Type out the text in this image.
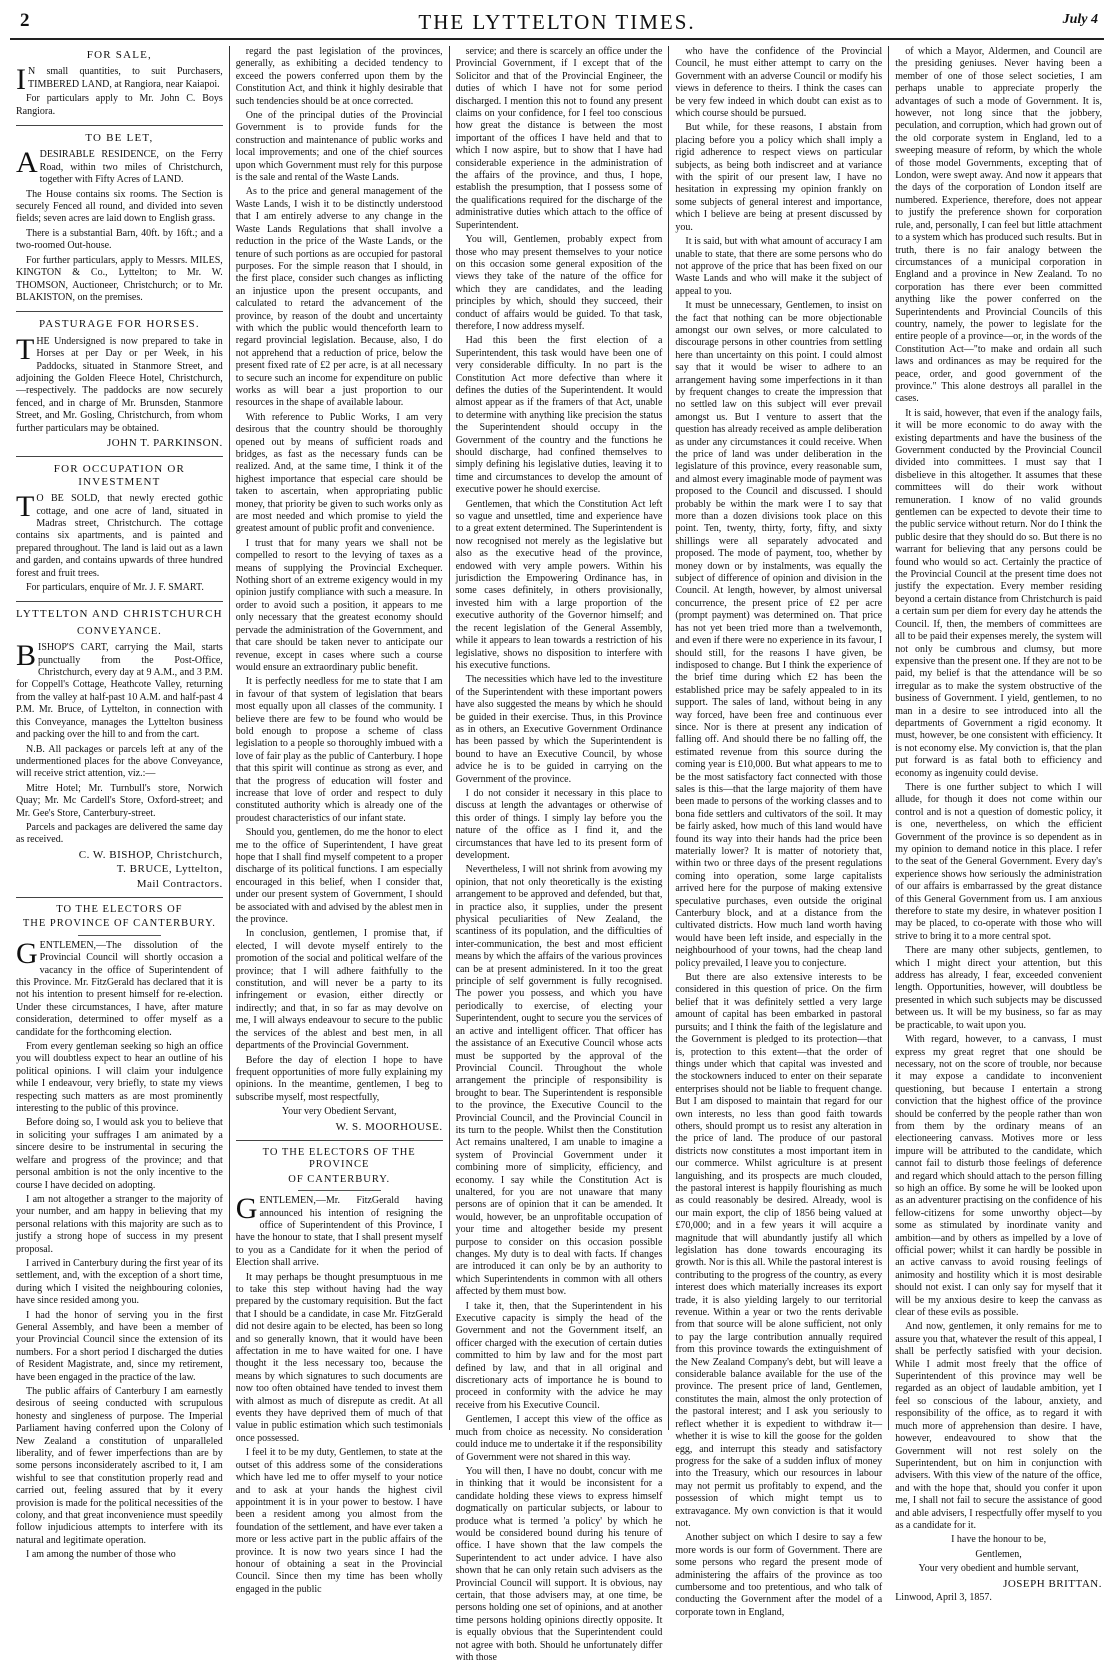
2	THE LYTTELTON TIMES.	July 4
FOR SALE,

IN small quantities, to suit Purchasers, TIMBERED LAND, at Rangiora, near Kaiapoi.

For particulars apply to Mr. John C. Boys Rangiora.

TO BE LET,

ADESIRABLE RESIDENCE, on the Ferry Road, within two miles of Christchurch, together with Fifty Acres of LAND.

The House contains six rooms. The Section is securely Fenced all round, and divided into seven fields; seven acres are laid down to English grass.

There is a substantial Barn, 40ft. by 16ft.; and a two-roomed Out-house.

For further particulars, apply to Messrs. MILES, KINGTON & Co., Lyttelton; to Mr. W. THOMSON, Auctioneer, Christchurch; or to Mr. BLAKISTON, on the premises.

PASTURAGE FOR HORSES.

THE Undersigned is now prepared to take in Horses at per Day or per Week, in his Paddocks, situated in Stanmore Street, and adjoining the Golden Fleece Hotel, Christchurch,—respectively. The paddocks are now securely fenced, and in charge of Mr. Brunsden, Stanmore Street, and Mr. Gosling, Christchurch, from whom further particulars may be obtained.

JOHN T. PARKINSON.

FOR OCCUPATION OR INVESTMENT

TO BE SOLD, that newly erected gothic cottage, and one acre of land, situated in Madras street, Christchurch. The cottage contains six apartments, and is painted and prepared throughout. The land is laid out as a lawn and garden, and contains upwards of three hundred forest and fruit trees.

For particulars, enquire of Mr. J. F. SMART.

LYTTELTON AND CHRISTCHURCH
CONVEYANCE.

BISHOP'S CART, carrying the Mail, starts punctually from the Post-Office, Christchurch, every day at 9 A.M., and 3 P.M. for Coppell's Cottage, Heathcote Valley, returning from the valley at half-past 10 A.M. and half-past 4 P.M. Mr. Bruce, of Lyttelton, in connection with this Conveyance, manages the Lyttelton business and packing over the hill to and from the cart.

N.B. All packages or parcels left at any of the undermentioned places for the above Conveyance, will receive strict attention, viz.:—

Mitre Hotel; Mr. Turnbull's store, Norwich Quay; Mr. Mc Cardell's Store, Oxford-street; and Mr. Gee's Store, Canterbury-street.

Parcels and packages are delivered the same day as received.

C. W. BISHOP, Christchurch,

T. BRUCE, Lyttelton,

Mail Contractors.

TO THE ELECTORS OF
THE PROVINCE OF CANTERBURY.

GENTLEMEN,—The dissolution of the Provincial Council will shortly occasion a vacancy in the office of Superintendent of this Province. Mr. FitzGerald has declared that it is not his intention to present himself for re-election. Under these circumstances, I have, after mature consideration, determined to offer myself as a candidate for the forthcoming election.

From every gentleman seeking so high an office you will doubtless expect to hear an outline of his political opinions. I will claim your indulgence while I endeavour, very briefly, to state my views respecting such matters as are most prominently interesting to the public of this province.

Before doing so, I would ask you to believe that in soliciting your suffrages I am animated by a sincere desire to be instrumental in securing the welfare and progress of the province; and that personal ambition is not the only incentive to the course I have decided on adopting.

I am not altogether a stranger to the majority of your number, and am happy in believing that my personal relations with this majority are such as to justify a strong hope of success in my present proposal.

I arrived in Canterbury during the first year of its settlement, and, with the exception of a short time, during which I visited the neighbouring colonies, have since resided among you.

I had the honor of serving you in the first General Assembly, and have been a member of your Provincial Council since the extension of its numbers. For a short period I discharged the duties of Resident Magistrate, and, since my retirement, have been engaged in the practice of the law.

The public affairs of Canterbury I am earnestly desirous of seeing conducted with scrupulous honesty and singleness of purpose. The Imperial Parliament having conferred upon the Colony of New Zealand a constitution of unparalleled liberality, and of fewer imperfections than are by some persons inconsiderately ascribed to it, I am wishful to see that constitution properly read and carried out, feeling assured that by it every provision is made for the political necessities of the colony, and that great inconvenience must speedily follow injudicious attempts to interfere with its natural and legitimate operation.

I am among the number of those who

regard the past legislation of the provinces, generally, as exhibiting a decided tendency to exceed the powers conferred upon them by the Constitution Act, and think it highly desirable that such tendencies should be at once corrected.

One of the principal duties of the Provincial Government is to provide funds for the construction and maintenance of public works and local improvements; and one of the chief sources upon which Government must rely for this purpose is the sale and rental of the Waste Lands.

As to the price and general management of the Waste Lands, I wish it to be distinctly understood that I am entirely adverse to any change in the Waste Lands Regulations that shall involve a reduction in the price of the Waste Lands, or the tenure of such portions as are occupied for pastoral purposes. For the simple reason that I should, in the first place, consider such changes as inflicting an injustice upon the present occupants, and calculated to retard the advancement of the province, by reason of the doubt and uncertainty with which the public would thenceforth learn to regard provincial legislation. Because, also, I do not apprehend that a reduction of price, below the present fixed rate of £2 per acre, is at all necessary to secure such an income for expenditure on public works as will bear a just proportion to our resources in the shape of available labour.

With reference to Public Works, I am very desirous that the country should be thoroughly opened out by means of sufficient roads and bridges, as fast as the necessary funds can be realized. And, at the same time, I think it of the highest importance that especial care should be taken to ascertain, when appropriating public money, that priority be given to such works only as are most needed and which promise to yield the greatest amount of public profit and convenience.

I trust that for many years we shall not be compelled to resort to the levying of taxes as a means of supplying the Provincial Exchequer. Nothing short of an extreme exigency would in my opinion justify compliance with such a measure. In order to avoid such a position, it appears to me only necessary that the greatest economy should pervade the administration of the Government, and that care should be taken never to anticipate our revenue, except in cases where such a course would ensure an extraordinary public benefit.

It is perfectly needless for me to state that I am in favour of that system of legislation that bears most equally upon all classes of the community. I believe there are few to be found who would be bold enough to propose a scheme of class legislation to a people so thoroughly imbued with a love of fair play as the public of Canterbury. I hope that this spirit will continue as strong as ever, and that the progress of education will foster and increase that love of order and respect to duly constituted authority which is already one of the proudest characteristics of our infant state.

Should you, gentlemen, do me the honor to elect me to the office of Superintendent, I have great hope that I shall find myself competent to a proper discharge of its political functions. I am especially encouraged in this belief, when I consider that, under our present system of Government, I should be associated with and advised by the ablest men in the province.

In conclusion, gentlemen, I promise that, if elected, I will devote myself entirely to the promotion of the social and political welfare of the province; that I will adhere faithfully to the constitution, and will never be a party to its infringement or evasion, either directly or indirectly; and that, in so far as may devolve on me, I will always endeavour to secure to the public the services of the ablest and best men, in all departments of the Provincial Government.

Before the day of election I hope to have frequent opportunities of more fully explaining my opinions. In the meantime, gentlemen, I beg to subscribe myself, most respectfully,

Your very Obedient Servant,

W. S. MOORHOUSE.

TO THE ELECTORS OF THE PROVINCE
OF CANTERBURY.

GENTLEMEN,—Mr. FitzGerald having announced his intention of resigning the office of Superintendent of this Province, I have the honour to state, that I shall present myself to you as a Candidate for it when the period of Election shall arrive.

It may perhaps be thought presumptuous in me to take this step without having had the way prepared by the customary requisition. But the fact that I should be a candidate, in case Mr. FitzGerald did not desire again to be elected, has been so long and so generally known, that it would have been affectation in me to have waited for one. I have thought it the less necessary too, because the means by which signatures to such documents are now too often obtained have tended to invest them with almost as much of disrepute as credit. At all events they have deprived them of much of that value in public estimation which such testimonials once possessed.

I feel it to be my duty, Gentlemen, to state at the outset of this address some of the considerations which have led me to offer myself to your notice and to ask at your hands the highest civil appointment it is in your power to bestow. I have been a resident among you almost from the foundation of the settlement, and have ever taken a more or less active part in the public affairs of the province. It is now two years since I had the honour of obtaining a seat in the Provincial Council. Since then my time has been wholly engaged in the public

service; and there is scarcely an office under the Provincial Government, if I except that of the Solicitor and that of the Provincial Engineer, the duties of which I have not for some period discharged. I mention this not to found any present claims on your confidence, for I feel too conscious how great the distance is between the most important of the offices I have held and that to which I now aspire, but to show that I have had considerable experience in the administration of the affairs of the province, and thus, I hope, establish the presumption, that I possess some of the qualifications required for the discharge of the administrative duties which attach to the office of Superintendent.

You will, Gentlemen, probably expect from those who may present themselves to your notice on this occasion some general exposition of the views they take of the nature of the office for which they are candidates, and the leading principles by which, should they succeed, their conduct of affairs would be guided. To that task, therefore, I now address myself.

Had this been the first election of a Superintendent, this task would have been one of very considerable difficulty. In no part is the Constitution Act more defective than where it defines the duties of the Superintendent. It would almost appear as if the framers of that Act, unable to determine with anything like precision the status the Superintendent should occupy in the Government of the country and the functions he should discharge, had confined themselves to simply defining his legislative duties, leaving it to time and circumstances to develop the amount of executive power he should exercise.

Gentlemen, that which the Constitution Act left so vague and unsettled, time and experience have to a great extent determined. The Superintendent is now recognised not merely as the legislative but also as the executive head of the province, endowed with very ample powers. Within his jurisdiction the Empowering Ordinance has, in some cases definitely, in others provisionally, invested him with a large proportion of the executive authority of the Governor himself; and the recent legislation of the General Assembly, while it appears to lean towards a restriction of his legislative, shows no disposition to interfere with his executive functions.

The necessities which have led to the investiture of the Superintendent with these important powers have also suggested the means by which he should be guided in their exercise. Thus, in this Province as in others, an Executive Government Ordinance has been passed by which the Superintendent is bound to have an Executive Council, by whose advice he is to be guided in carrying on the Government of the province.

I do not consider it necessary in this place to discuss at length the advantages or otherwise of this order of things. I simply lay before you the nature of the office as I find it, and the circumstances that have led to its present form of development.

Nevertheless, I will not shrink from avowing my opinion, that not only theoretically is the existing arrangement to be approved and defended, but that, in practice also, it supplies, under the present physical peculiarities of New Zealand, the scantiness of its population, and the difficulties of inter-communication, the best and most efficient means by which the affairs of the various provinces can be at present administered. In it too the great principle of self government is fully recognised. The power you possess, and which you have periodically to exercise, of electing your Superintendent, ought to secure you the services of an active and intelligent officer. That officer has the assistance of an Executive Council whose acts must be supported by the approval of the Provincial Council. Throughout the whole arrangement the principle of responsibility is brought to bear. The Superintendent is responsible to the province, the Executive Council to the Provincial Council, and the Provincial Council in its turn to the people. Whilst then the Constitution Act remains unaltered, I am unable to imagine a system of Provincial Government under it combining more of simplicity, efficiency, and economy. I say while the Constitution Act is unaltered, for you are not unaware that many persons are of opinion that it can be amended. It would, however, be an unprofitable occupation of your time and altogether beside my present purpose to consider on this occasion possible changes. My duty is to deal with facts. If changes are introduced it can only be by an authority to which Superintendents in common with all others affected by them must bow.

I take it, then, that the Superintendent in his Executive capacity is simply the head of the Government and not the Government itself, an officer charged with the execution of certain duties committed to him by law and for the most part defined by law, and that in all original and discretionary acts of importance he is bound to proceed in conformity with the advice he may receive from his Executive Council.

Gentlemen, I accept this view of the office as much from choice as necessity. No consideration could induce me to undertake it if the responsibility of Government were not shared in this way.

You will then, I have no doubt, concur with me in thinking that it would be inconsistent for a candidate holding these views to express himself dogmatically on particular subjects, or labour to produce what is termed 'a policy' by which he would be considered bound during his tenure of office. I have shown that the law compels the Superintendent to act under advice. I have also shown that he can only retain such advisers as the Provincial Council will support. It is obvious, nay certain, that those advisers may, at one time, be persons holding one set of opinions, and at another time persons holding opinions directly opposite. It is equally obvious that the Superintendent could not agree with both. Should he unfortunately differ with those

who have the confidence of the Provincial Council, he must either attempt to carry on the Government with an adverse Council or modify his views in deference to theirs. I think the cases can be very few indeed in which doubt can exist as to which course should be pursued.

But while, for these reasons, I abstain from placing before you a policy which shall imply a rigid adherence to respect views on particular subjects, as being both indiscreet and at variance with the spirit of our present law, I have no hesitation in expressing my opinion frankly on some subjects of general interest and importance, which I believe are being at present discussed by you.

It is said, but with what amount of accuracy I am unable to state, that there are some persons who do not approve of the price that has been fixed on our Waste Lands and who will make it the subject of appeal to you.

It must be unnecessary, Gentlemen, to insist on the fact that nothing can be more objectionable amongst our own selves, or more calculated to discourage persons in other countries from settling here than uncertainty on this point. I could almost say that it would be wiser to adhere to an arrangement having some imperfections in it than by frequent changes to create the impression that no settled law on this subject will ever prevail amongst us. But I venture to assert that the question has already received as ample deliberation as under any circumstances it could receive. When the price of land was under deliberation in the legislature of this province, every reasonable sum, and almost every imaginable mode of payment was proposed to the Council and discussed. I should probably be within the mark were I to say that more than a dozen divisions took place on this point. Ten, twenty, thirty, forty, fifty, and sixty shillings were all separately advocated and proposed. The mode of payment, too, whether by money down or by instalments, was equally the subject of difference of opinion and division in the Council. At length, however, by almost universal concurrence, the present price of £2 per acre (prompt payment) was determined on. That price has not yet been tried more than a twelvemonth, and even if there were no experience in its favour, I should still, for the reasons I have given, be indisposed to change. But I think the experience of the brief time during which £2 has been the established price may be safely appealed to in its support. The sales of land, without being in any way forced, have been free and continuous ever since. Nor is there at present any indication of falling off. And should there be no falling off, the estimated revenue from this source during the coming year is £10,000. But what appears to me to be the most satisfactory fact connected with those sales is this—that the large majority of them have been made to persons of the working classes and to bona fide settlers and cultivators of the soil. It may be fairly asked, how much of this land would have found its way into their hands had the price been materially lower? It is matter of notoriety that, within two or three days of the present regulations coming into operation, some large capitalists arrived here for the purpose of making extensive speculative purchases, even outside the original Canterbury block, and at a distance from the cultivated districts. How much land worth having would have been left inside, and especially in the neighbourhood of your towns, had the cheap land policy prevailed, I leave you to conjecture.

But there are also extensive interests to be considered in this question of price. On the firm belief that it was definitely settled a very large amount of capital has been embarked in pastoral pursuits; and I think the faith of the legislature and the Government is pledged to its protection—that is, protection to this extent—that the order of things under which that capital was invested and the stockowners induced to enter on their separate enterprises should not be liable to frequent change. But I am disposed to maintain that regard for our own interests, no less than good faith towards others, should prompt us to resist any alteration in the price of land. The produce of our pastoral districts now constitutes a most important item in our commerce. Whilst agriculture is at present languishing, and its prospects are much clouded, the pastoral interest is happily flourishing as much as could reasonably be desired. Already, wool is our main export, the clip of 1856 being valued at £70,000; and in a few years it will acquire a magnitude that will abundantly justify all which legislation has done towards encouraging its growth. Nor is this all. While the pastoral interest is contributing to the progress of the country, as every interest does which materially increases its export trade, it is also yielding largely to our territorial revenue. Within a year or two the rents derivable from that source will be alone sufficient, not only to pay the large contribution annually required from this province towards the extinguishment of the New Zealand Company's debt, but will leave a considerable balance available for the use of the province. The present price of land, Gentlemen, constitutes the main, almost the only protection of the pastoral interest; and I ask you seriously to reflect whether it is expedient to withdraw it—whether it is wise to kill the goose for the golden egg, and interrupt this steady and satisfactory progress for the sake of a sudden influx of money into the Treasury, which our resources in labour may not permit us profitably to expend, and the possession of which might tempt us to extravagance. My own conviction is that it would not.

Another subject on which I desire to say a few more words is our form of Government. There are some persons who regard the present mode of administering the affairs of the province as too cumbersome and too pretentious, and who talk of conducting the Government after the model of a corporate town in England,

of which a Mayor, Aldermen, and Council are the presiding geniuses. Never having been a member of one of those select societies, I am perhaps unable to appreciate properly the advantages of such a mode of Government. It is, however, not long since that the jobbery, peculation, and corruption, which had grown out of the old corporate system in England, led to a sweeping measure of reform, by which the whole of those model Governments, excepting that of London, were swept away. And now it appears that the days of the corporation of London itself are numbered. Experience, therefore, does not appear to justify the preference shown for corporation rule, and, personally, I can feel but little attachment to a system which has produced such results. But in truth, there is no fair analogy between the circumstances of a municipal corporation in England and a province in New Zealand. To no corporation has there ever been committed anything like the power conferred on the Superintendents and Provincial Councils of this country, namely, the power to legislate for the entire people of a province—or, in the words of the Constitution Act—"to make and ordain all such laws and ordinances as may be required for the peace, order, and good government of the province." This alone destroys all parallel in the cases.

It is said, however, that even if the analogy fails, it will be more economic to do away with the existing departments and have the business of the Government conducted by the Provincial Council divided into committees. I must say that I disbelieve in this altogether. It assumes that these committees will do their work without remuneration. I know of no valid grounds gentlemen can be expected to devote their time to the public service without return. Nor do I think the public desire that they should do so. But there is no warrant for believing that any persons could be found who would so act. Certainly the practice of the Provincial Council at the present time does not justify the expectation. Every member residing beyond a certain distance from Christchurch is paid a certain sum per diem for every day he attends the Council. If, then, the members of committees are all to be paid their expenses merely, the system will not only be cumbrous and clumsy, but more expensive than the present one. If they are not to be paid, my belief is that the attendance will be so irregular as to make the system obstructive of the business of Government. I yield, gentlemen, to no man in a desire to see introduced into all the departments of Government a rigid economy. It must, however, be one consistent with efficiency. It is not economy else. My conviction is, that the plan put forward is as fatal both to efficiency and economy as ingenuity could devise.

There is one further subject to which I will allude, for though it does not come within our control and is not a question of domestic policy, it is one, nevertheless, on which the efficient Government of the province is so dependent as in my opinion to demand notice in this place. I refer to the seat of the General Government. Every day's experience shows how seriously the administration of our affairs is embarrassed by the great distance of this General Government from us. I am anxious therefore to state my desire, in whatever position I may be placed, to co-operate with those who will strive to bring it to a more central spot.

There are many other subjects, gentlemen, to which I might direct your attention, but this address has already, I fear, exceeded convenient length. Opportunities, however, will doubtless be presented in which such subjects may be discussed between us. It will be my business, so far as may be practicable, to wait upon you.

With regard, however, to a canvass, I must express my great regret that one should be necessary, not on the score of trouble, nor because it may expose a candidate to inconvenient questioning, but because I entertain a strong conviction that the highest office of the province should be conferred by the people rather than won from them by the ordinary means of an electioneering canvass. Motives more or less impure will be attributed to the candidate, which cannot fail to disturb those feelings of deference and regard which should attach to the person filling so high an office. By some he will be looked upon as an adventurer practising on the confidence of his fellow-citizens for some unworthy object—by some as stimulated by inordinate vanity and ambition—and by others as impelled by a love of official power; whilst it can hardly be possible in an active canvass to avoid rousing feelings of animosity and hostility which it is most desirable should not exist. I can only say for myself that it will be my anxious desire to keep the canvass as clear of these evils as possible.

And now, gentlemen, it only remains for me to assure you that, whatever the result of this appeal, I shall be perfectly satisfied with your decision. While I admit most freely that the office of Superintendent of this province may well be regarded as an object of laudable ambition, yet I feel so conscious of the labour, anxiety, and responsibility of the office, as to regard it with much more of apprehension than desire. I have, however, endeavoured to show that the Government will not rest solely on the Superintendent, but on him in conjunction with advisers. With this view of the nature of the office, and with the hope that, should you confer it upon me, I shall not fail to secure the assistance of good and able advisers, I respectfully offer myself to you as a candidate for it.

I have the honour to be,

Gentlemen,

Your very obedient and humble servant,

JOSEPH BRITTAN.

Linwood, April 3, 1857.
